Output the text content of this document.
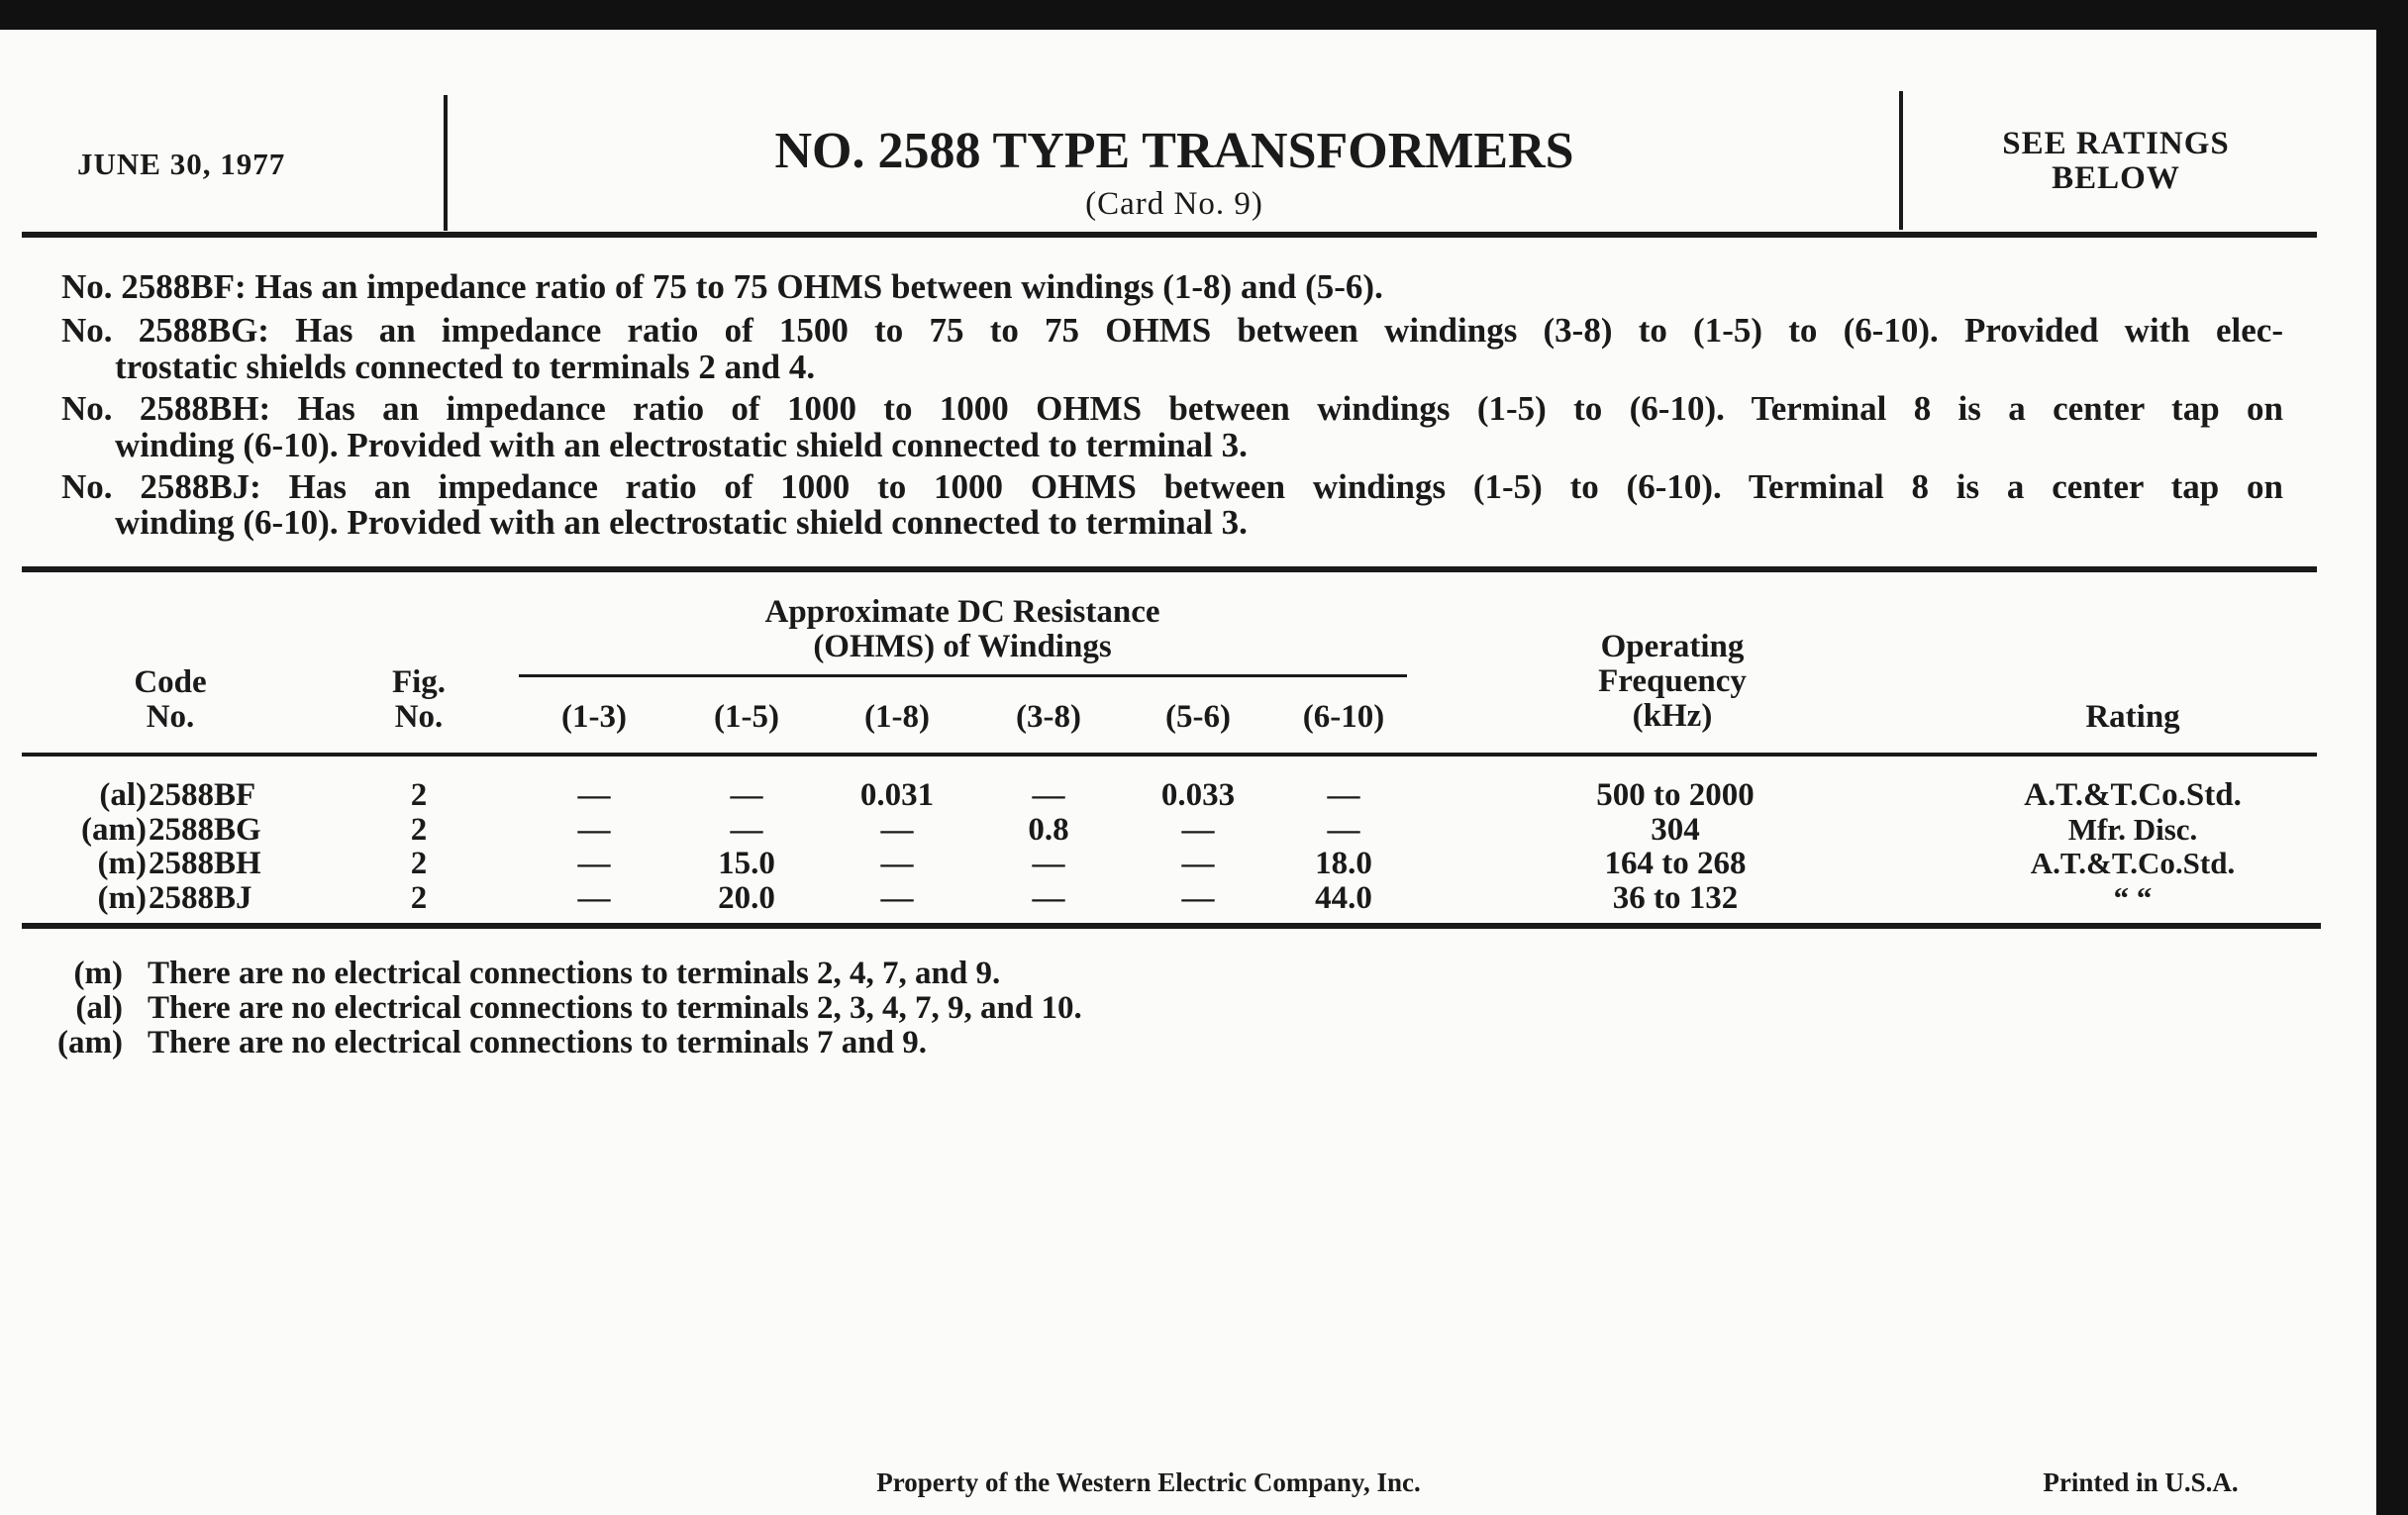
JUNE 30, 1977	NO. 2588 TYPE TRANSFORMERS
(Card No. 9)
SEE RATINGS
BELOW
No. 2588BF: Has an impedance ratio of 75 to 75 OHMS between windings (1-8) and (5-6).
No. 2588BG: Has an impedance ratio of 1500 to 75 to 75 OHMS between windings (3-8) to (1-5) to (6-10). Provided with elec-
trostatic shields connected to terminals 2 and 4.
No. 2588BH: Has an impedance ratio of 1000 to 1000 OHMS between windings (1-5) to (6-10). Terminal 8 is a center tap on
winding (6-10). Provided with an electrostatic shield connected to terminal 3.
No. 2588BJ: Has an impedance ratio of 1000 to 1000 OHMS between windings (1-5) to (6-10). Terminal 8 is a center tap on
winding (6-10). Provided with an electrostatic shield connected to terminal 3.
Code
No.
Fig.
No.
Approximate DC Resistance
(OHMS) of Windings
(1-3)	(1-5)	(1-8)	(3-8)	(5-6) (6-10)
Operating
Frequency
(kHz)	Rating
(al) 2588BF	2	—	—	0.031	—	0.033	—	500 to 2000	A.T.&T.Co.Std.
(am) 2588BG	2	—	—	—	0.8	—	—	304	Mfr. Disc.
(m) 2588BH	2	—	15.0	—	—	—	18.0	164 to 268	A.T.&T.Co.Std.
(m) 2588BJ	2	—	20.0	—	—	—	44.0	36 to 132	“ “
(m) There are no electrical connections to terminals 2, 4, 7, and 9.
(al) There are no electrical connections to terminals 2, 3, 4, 7, 9, and 10.
(am) There are no electrical connections to terminals 7 and 9.
Property of the Western Electric Company, Inc.	Printed in U.S.A.
